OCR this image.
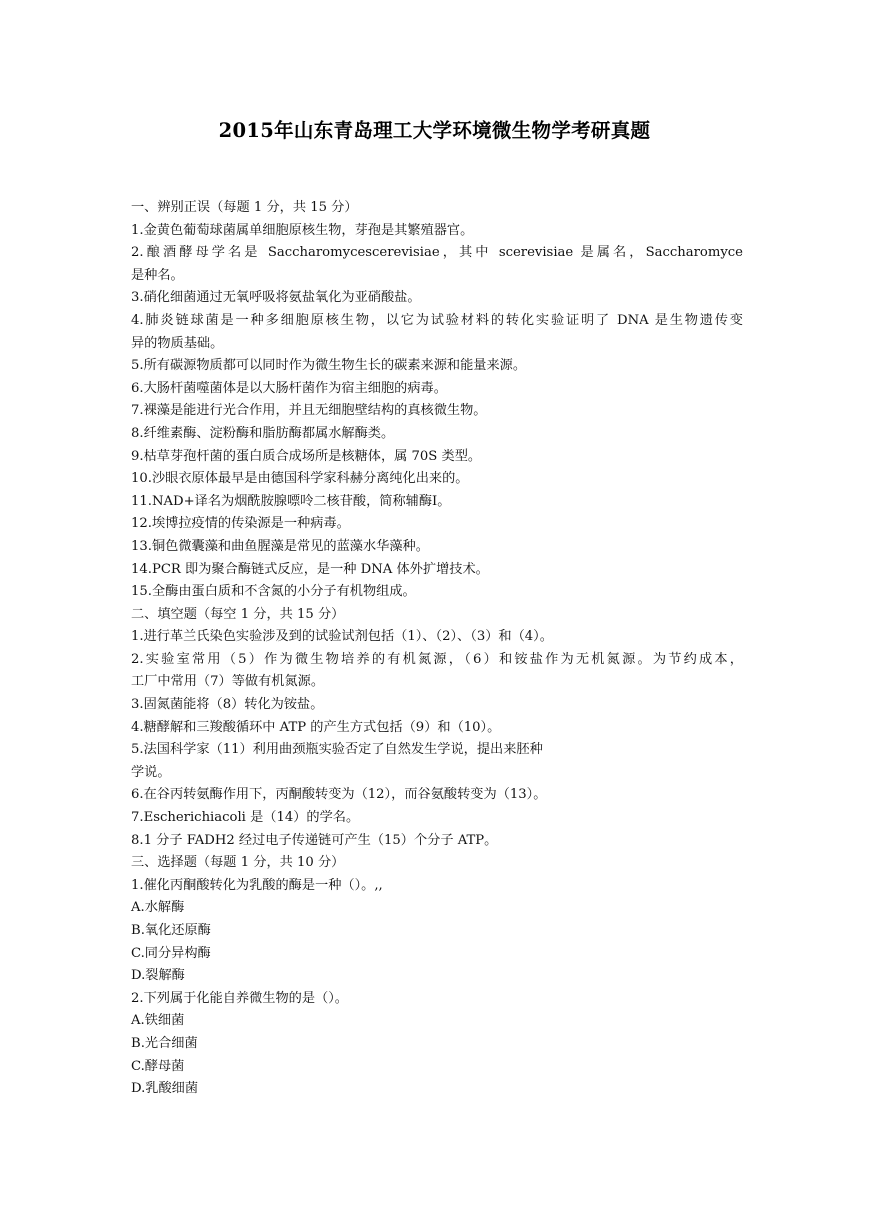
2015年山东青岛理工大学环境微生物学考研真题
一、辨别正误（每题 1 分，共 15 分）
1.金黄色葡萄球菌属单细胞原核生物，芽孢是其繁殖器官。
2.酿酒酵母学名是 Saccharomycescerevisiae，其中 scerevisiae 是属名，Saccharomyce
是种名。
3.硝化细菌通过无氧呼吸将氨盐氧化为亚硝酸盐。
4.肺炎链球菌是一种多细胞原核生物，以它为试验材料的转化实验证明了 DNA 是生物遗传变
异的物质基础。
5.所有碳源物质都可以同时作为微生物生长的碳素来源和能量来源。
6.大肠杆菌噬菌体是以大肠杆菌作为宿主细胞的病毒。
7.裸藻是能进行光合作用，并且无细胞壁结构的真核微生物。
8.纤维素酶、淀粉酶和脂肪酶都属水解酶类。
9.枯草芽孢杆菌的蛋白质合成场所是核糖体，属 70S 类型。
10.沙眼衣原体最早是由德国科学家科赫分离纯化出来的。
11.NAD+译名为烟酰胺腺嘌呤二核苷酸，简称辅酶Ⅰ。
12.埃博拉疫情的传染源是一种病毒。
13.铜色微囊藻和曲鱼腥藻是常见的蓝藻水华藻种。
14.PCR 即为聚合酶链式反应，是一种 DNA 体外扩增技术。
15.全酶由蛋白质和不含氮的小分子有机物组成。
二、填空题（每空 1 分，共 15 分）
1.进行革兰氏染色实验涉及到的试验试剂包括（1）、（2）、（3）和（4）。
2.实验室常用（5）作为微生物培养的有机氮源，（6）和铵盐作为无机氮源。为节约成本，
工厂中常用（7）等做有机氮源。
3.固氮菌能将（8）转化为铵盐。
4.糖酵解和三羧酸循环中 ATP 的产生方式包括（9）和（10）。
5.法国科学家（11）利用曲颈瓶实验否定了自然发生学说，提出来胚种
学说。
6.在谷丙转氨酶作用下，丙酮酸转变为（12），而谷氨酸转变为（13）。
7.Escherichiacoli 是（14）的学名。
8.1 分子 FADH2 经过电子传递链可产生（15）个分子 ATP。
三、选择题（每题 1 分，共 10 分）
1.催化丙酮酸转化为乳酸的酶是一种（）。,,
A.水解酶
B.氧化还原酶
C.同分异构酶
D.裂解酶
2.下列属于化能自养微生物的是（）。
A.铁细菌
B.光合细菌
C.酵母菌
D.乳酸细菌
